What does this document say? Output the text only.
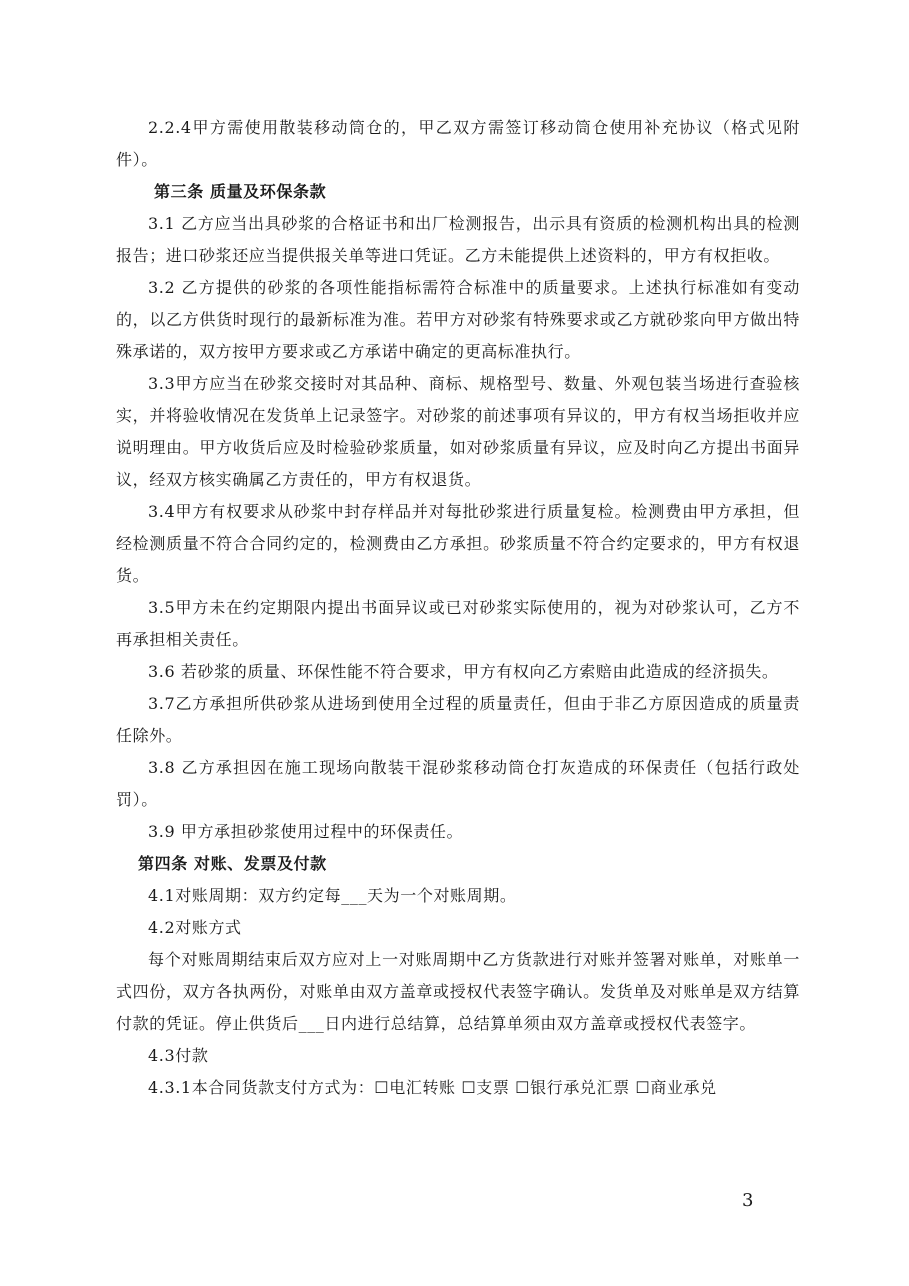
2.2.4甲方需使用散装移动筒仓的，甲乙双方需签订移动筒仓使用补充协议（格式见附件）。

第三条 质量及环保条款

3.1 乙方应当出具砂浆的合格证书和出厂检测报告，出示具有资质的检测机构出具的检测报告；进口砂浆还应当提供报关单等进口凭证。乙方未能提供上述资料的，甲方有权拒收。

3.2 乙方提供的砂浆的各项性能指标需符合标准中的质量要求。上述执行标准如有变动的，以乙方供货时现行的最新标准为准。若甲方对砂浆有特殊要求或乙方就砂浆向甲方做出特殊承诺的，双方按甲方要求或乙方承诺中确定的更高标准执行。

3.3甲方应当在砂浆交接时对其品种、商标、规格型号、数量、外观包装当场进行查验核实，并将验收情况在发货单上记录签字。对砂浆的前述事项有异议的，甲方有权当场拒收并应说明理由。甲方收货后应及时检验砂浆质量，如对砂浆质量有异议，应及时向乙方提出书面异议，经双方核实确属乙方责任的，甲方有权退货。

3.4甲方有权要求从砂浆中封存样品并对每批砂浆进行质量复检。检测费由甲方承担，但经检测质量不符合合同约定的，检测费由乙方承担。砂浆质量不符合约定要求的，甲方有权退货。

3.5甲方未在约定期限内提出书面异议或已对砂浆实际使用的，视为对砂浆认可，乙方不再承担相关责任。

3.6 若砂浆的质量、环保性能不符合要求，甲方有权向乙方索赔由此造成的经济损失。

3.7乙方承担所供砂浆从进场到使用全过程的质量责任，但由于非乙方原因造成的质量责任除外。

3.8 乙方承担因在施工现场向散装干混砂浆移动筒仓打灰造成的环保责任（包括行政处罚）。

3.9 甲方承担砂浆使用过程中的环保责任。

第四条 对账、发票及付款

4.1对账周期：双方约定每___天为一个对账周期。

4.2对账方式

每个对账周期结束后双方应对上一对账周期中乙方货款进行对账并签署对账单，对账单一式四份，双方各执两份，对账单由双方盖章或授权代表签字确认。发货单及对账单是双方结算付款的凭证。停止供货后___日内进行总结算，总结算单须由双方盖章或授权代表签字。

4.3付款

4.3.1本合同货款支付方式为：☐电汇转账 ☐支票 ☐银行承兑汇票 ☐商业承兑

3
